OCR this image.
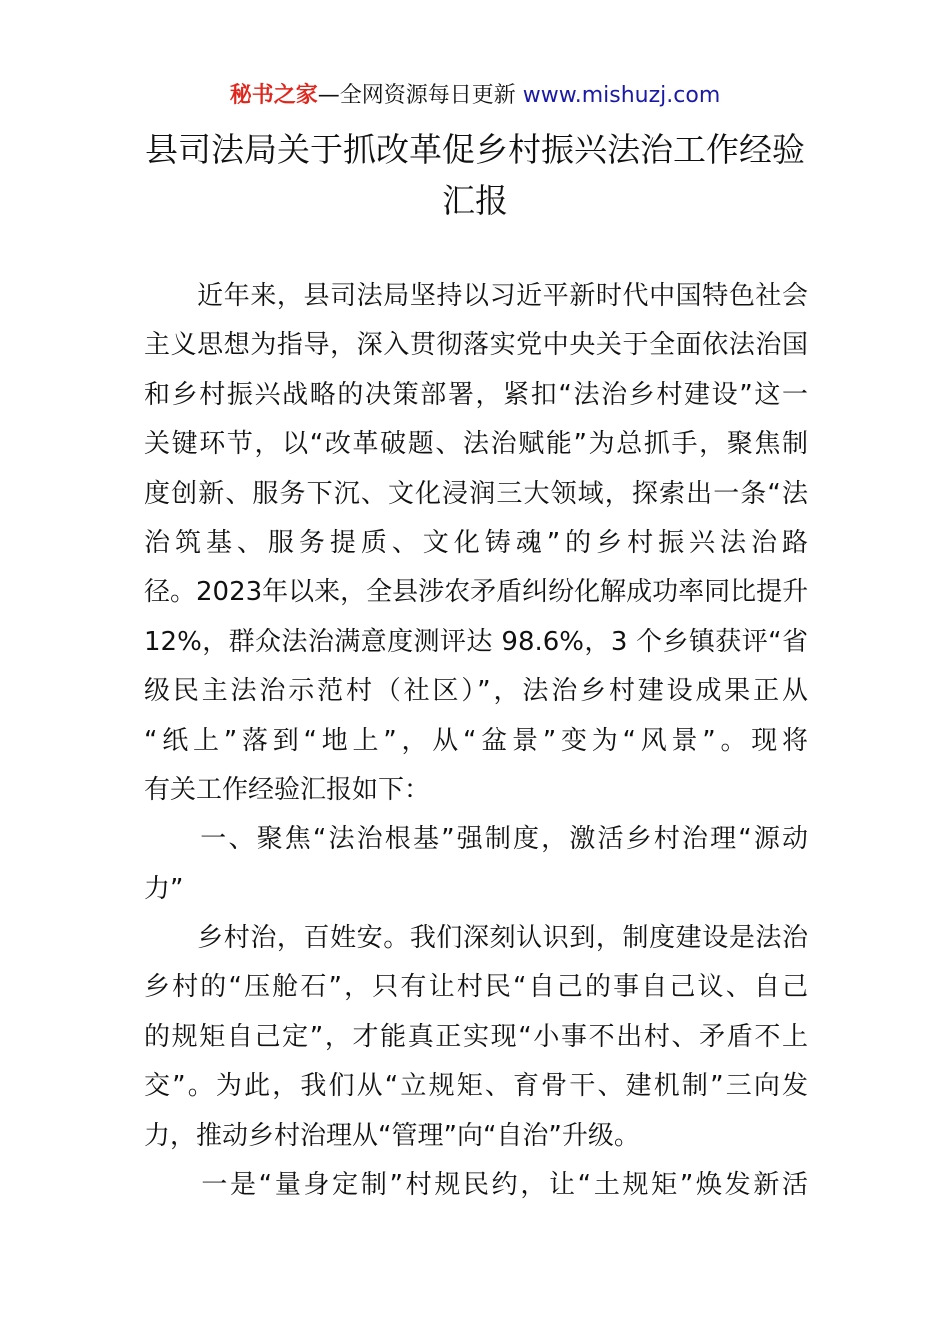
秘书之家—全网资源每日更新 www.mishuzj.com
县司法局关于抓改革促乡村振兴法治工作经验
汇报
　　近年来，县司法局坚持以习近平新时代中国特色社会
主义思想为指导，深入贯彻落实党中央关于全面依法治国
和乡村振兴战略的决策部署，紧扣“法治乡村建设”这一
关键环节，以“改革破题、法治赋能”为总抓手，聚焦制
度创新、服务下沉、文化浸润三大领域，探索出一条“法
治筑基、服务提质、文化铸魂”的乡村振兴法治路
径。2023年以来，全县涉农矛盾纠纷化解成功率同比提升
12%，群众法治满意度测评达 98.6%，3 个乡镇获评“省
级民主法治示范村（社区）”，法治乡村建设成果正从
“纸上”落到“地上”，从“盆景”变为“风景”。现将
有关工作经验汇报如下：
　　一、聚焦“法治根基”强制度，激活乡村治理“源动
力”
　　乡村治，百姓安。我们深刻认识到，制度建设是法治
乡村的“压舱石”，只有让村民“自己的事自己议、自己
的规矩自己定”，才能真正实现“小事不出村、矛盾不上
交”。为此，我们从“立规矩、育骨干、建机制”三向发
力，推动乡村治理从“管理”向“自治”升级。
　　一是“量身定制”村规民约，让“土规矩”焕发新活
